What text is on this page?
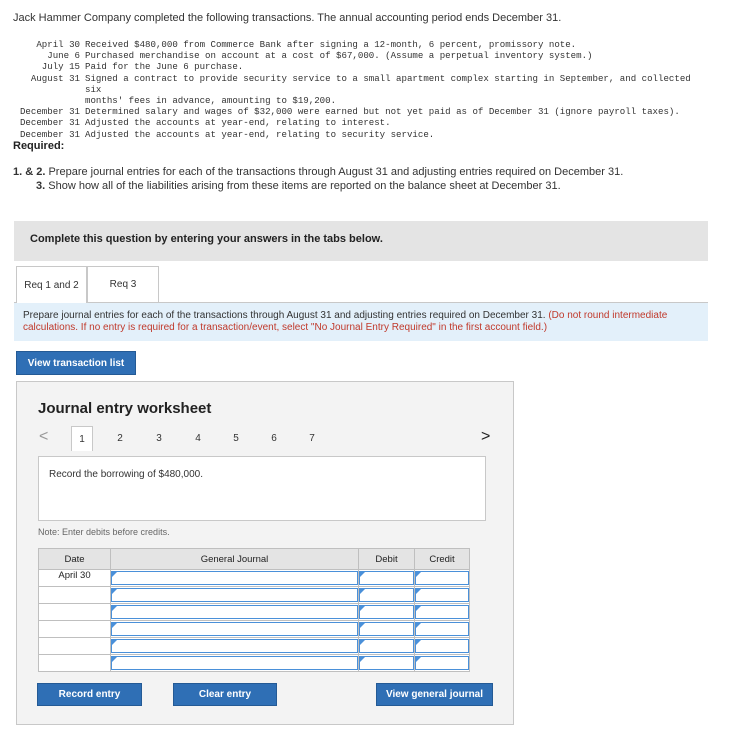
Jack Hammer Company completed the following transactions. The annual accounting period ends December 31.
April 30 Received $480,000 from Commerce Bank after signing a 12-month, 6 percent, promissory note.
June 6 Purchased merchandise on account at a cost of $67,000. (Assume a perpetual inventory system.)
July 15 Paid for the June 6 purchase.
August 31 Signed a contract to provide security service to a small apartment complex starting in September, and collected six
months' fees in advance, amounting to $19,200.
December 31 Determined salary and wages of $32,000 were earned but not yet paid as of December 31 (ignore payroll taxes).
December 31 Adjusted the accounts at year-end, relating to interest.
December 31 Adjusted the accounts at year-end, relating to security service.
Required:
1. & 2. Prepare journal entries for each of the transactions through August 31 and adjusting entries required on December 31.
3. Show how all of the liabilities arising from these items are reported on the balance sheet at December 31.
Complete this question by entering your answers in the tabs below.
Req 1 and 2	Req 3
Prepare journal entries for each of the transactions through August 31 and adjusting entries required on December 31. (Do not round intermediate calculations. If no entry is required for a transaction/event, select "No Journal Entry Required" in the first account field.)
View transaction list
Journal entry worksheet
<	1	2	3	4	5	6	7	>
Record the borrowing of $480,000.
Note: Enter debits before credits.
Date	General Journal	Debit	Credit
April 30	

Record entry	Clear entry	View general journal
